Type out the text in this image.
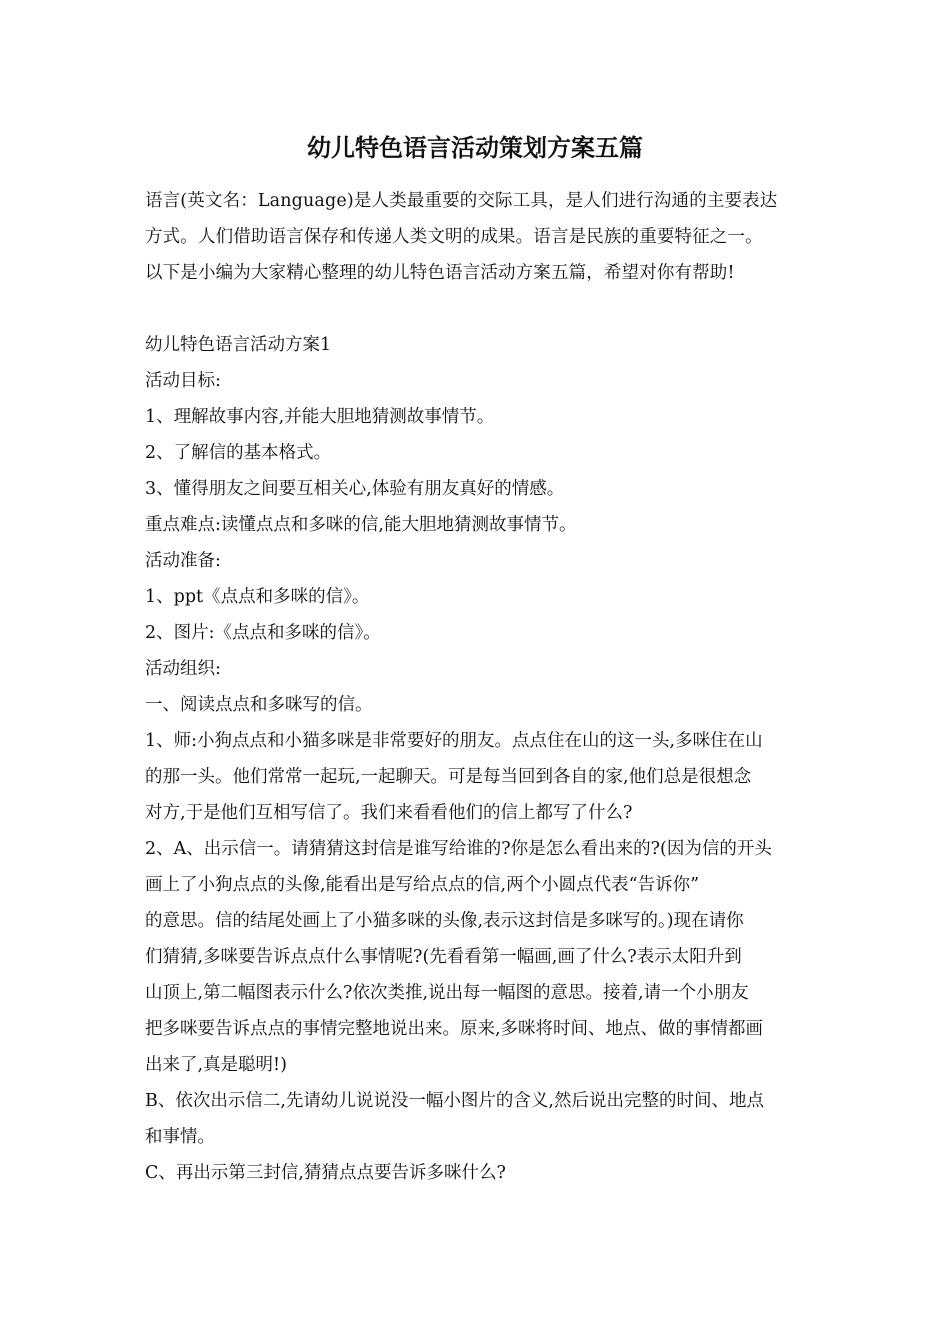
幼儿特色语言活动策划方案五篇
语言(英文名：Language)是人类最重要的交际工具，是人们进行沟通的主要表达
方式。人们借助语言保存和传递人类文明的成果。语言是民族的重要特征之一。
以下是小编为大家精心整理的幼儿特色语言活动方案五篇，希望对你有帮助!
幼儿特色语言活动方案1
活动目标:
1、理解故事内容,并能大胆地猜测故事情节。
2、了解信的基本格式。
3、懂得朋友之间要互相关心,体验有朋友真好的情感。
重点难点:读懂点点和多咪的信,能大胆地猜测故事情节。
活动准备:
1、ppt《点点和多咪的信》。
2、图片:《点点和多咪的信》。
活动组织:
一、阅读点点和多咪写的信。
1、师:小狗点点和小猫多咪是非常要好的朋友。点点住在山的这一头,多咪住在山
的那一头。他们常常一起玩,一起聊天。可是每当回到各自的家,他们总是很想念
对方,于是他们互相写信了。我们来看看他们的信上都写了什么?
2、A、出示信一。请猜猜这封信是谁写给谁的?你是怎么看出来的?(因为信的开头
画上了小狗点点的头像,能看出是写给点点的信,两个小圆点代表“告诉你”
的意思。信的结尾处画上了小猫多咪的头像,表示这封信是多咪写的。)现在请你
们猜猜,多咪要告诉点点什么事情呢?(先看看第一幅画,画了什么?表示太阳升到
山顶上,第二幅图表示什么?依次类推,说出每一幅图的意思。接着,请一个小朋友
把多咪要告诉点点的事情完整地说出来。原来,多咪将时间、地点、做的事情都画
出来了,真是聪明!)
B、依次出示信二,先请幼儿说说没一幅小图片的含义,然后说出完整的时间、地点
和事情。
C、再出示第三封信,猜猜点点要告诉多咪什么?
